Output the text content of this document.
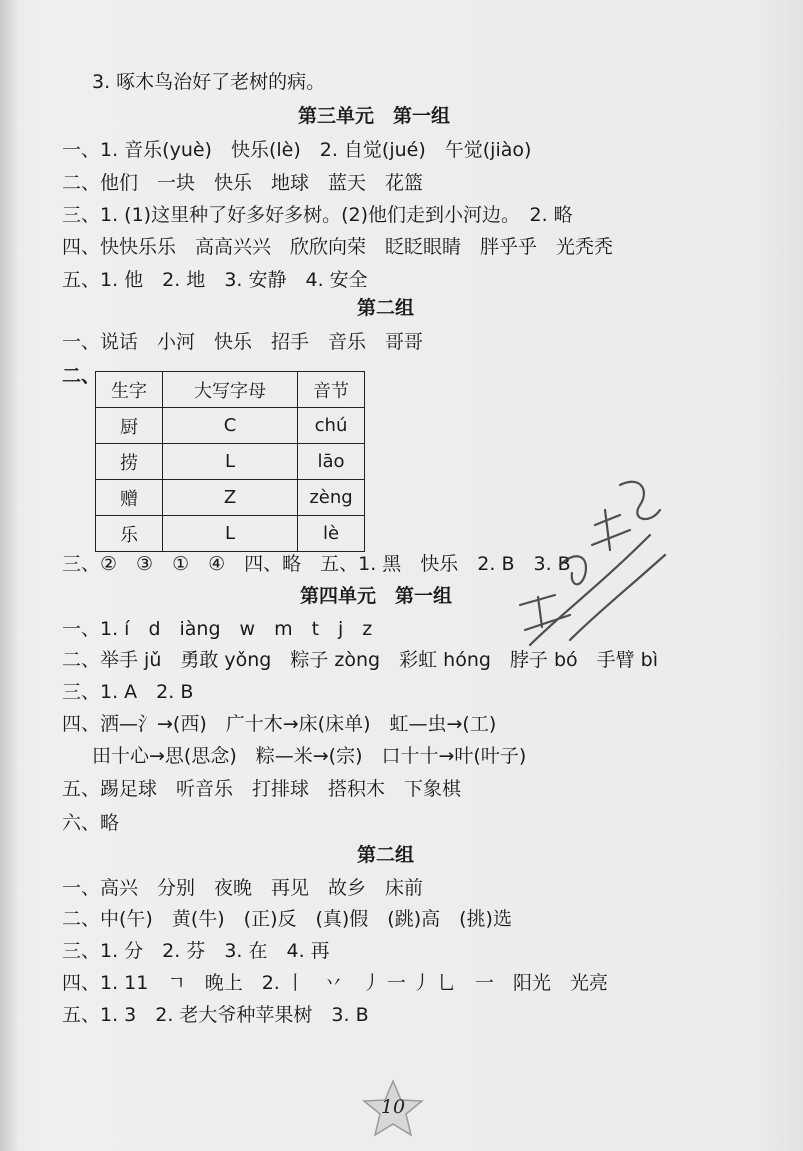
3. 啄木鸟治好了老树的病。
第三单元　第一组
一、1. 音乐(yuè)　快乐(lè)　2. 自觉(jué)　午觉(jiào)
二、他们　一块　快乐　地球　蓝天　花篮
三、1. (1)这里种了好多好多树。(2)他们走到小河边。　2. 略
四、快快乐乐　高高兴兴　欣欣向荣　眨眨眼睛　胖乎乎　光秃秃
五、1. 他　2. 地　3. 安静　4. 安全
第二组
一、说话　小河　快乐　招手　音乐　哥哥
二、
生字	大写字母	音节
厨	C	chú
捞	L	lāo
赠	Z	zèng
乐	L	lè
三、②　③　①　④　四、略　五、1. 黑　快乐　2. B　3. B
第四单元　第一组
一、1. í　d　iàng　w　m　t　j　z
二、举手 jǔ　勇敢 yǒng　粽子 zòng　彩虹 hóng　脖子 bó　手臂 bì
三、1. A　2. B
四、洒—氵→(西)　广十木→床(床单)　虹—虫→(工)
田十心→思(思念)　粽—米→(宗)　口十十→叶(叶子)
五、踢足球　听音乐　打排球　搭积木　下象棋
六、略
第二组
一、高兴　分别　夜晚　再见　故乡　床前
二、中(午)　黄(牛)　(正)反　(真)假　(跳)高　(挑)选
三、1. 分　2. 芬　3. 在　4. 再
四、1. 11　ㄱ　晚上　2. 丨　丷　丿 一 丿 乚　一　阳光　光亮
五、1. 3　2. 老大爷种苹果树　3. B
10
